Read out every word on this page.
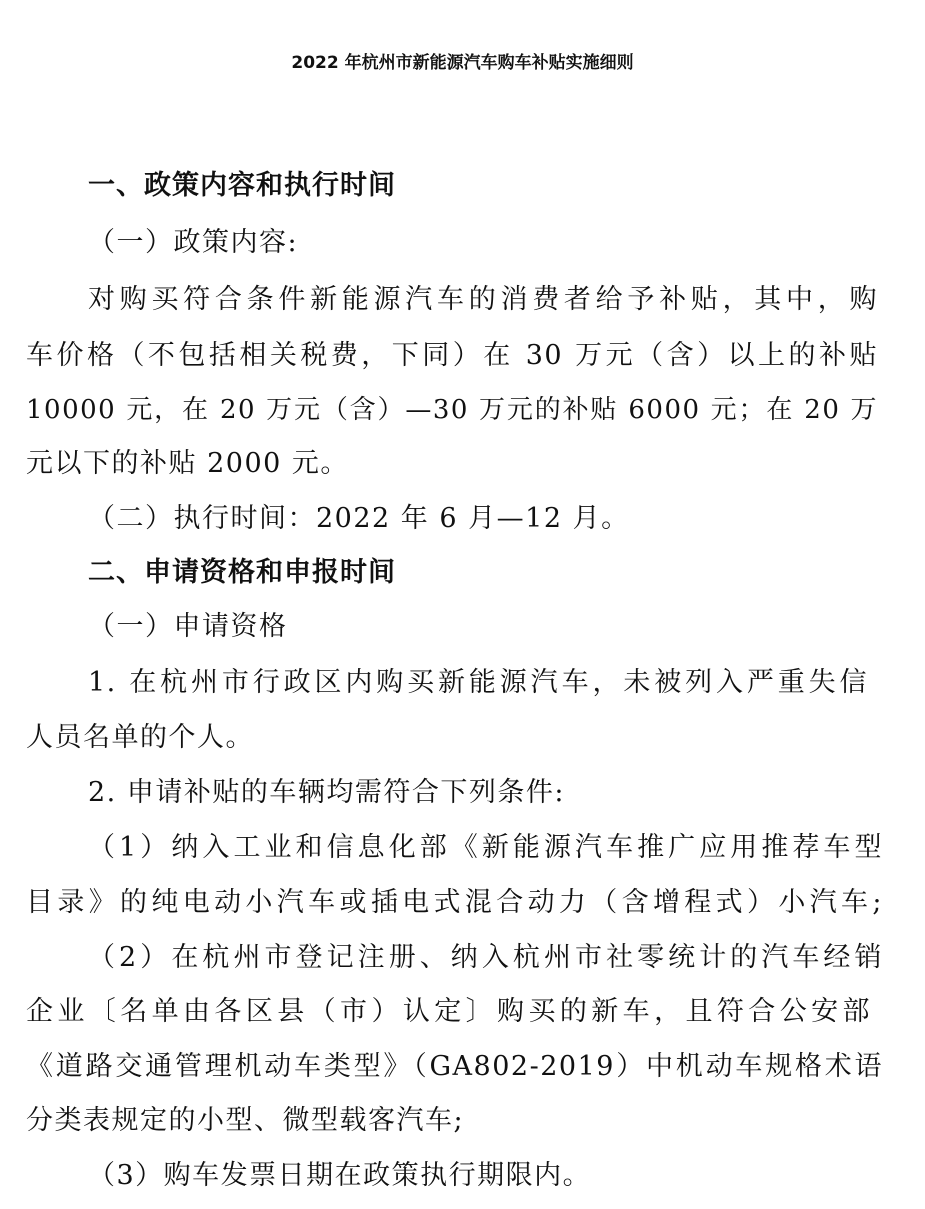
2022 年杭州市新能源汽车购车补贴实施细则
一、政策内容和执行时间
（一）政策内容:
对购买符合条件新能源汽车的消费者给予补贴，其中，购
车价格（不包括相关税费，下同）在 30 万元（含）以上的补贴
10000 元，在 20 万元（含）—30 万元的补贴 6000 元；在 20 万
元以下的补贴 2000 元。
（二）执行时间：2022 年 6 月—12 月。
二、申请资格和申报时间
（一）申请资格
1. 在杭州市行政区内购买新能源汽车，未被列入严重失信
人员名单的个人。
2. 申请补贴的车辆均需符合下列条件:
（1）纳入工业和信息化部《新能源汽车推广应用推荐车型
目录》的纯电动小汽车或插电式混合动力（含增程式）小汽车;
（2）在杭州市登记注册、纳入杭州市社零统计的汽车经销
企业〔名单由各区县（市）认定〕购买的新车，且符合公安部
《道路交通管理机动车类型》（GA802-2019）中机动车规格术语
分类表规定的小型、微型载客汽车;
（3）购车发票日期在政策执行期限内。
